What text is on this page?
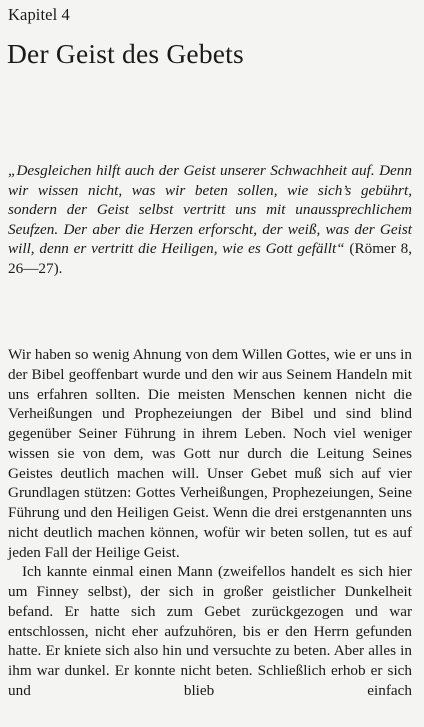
Kapitel 4
Der Geist des Gebets
„Desgleichen hilft auch der Geist unserer Schwachheit auf. Denn wir wissen nicht, was wir beten sollen, wie sich’s gebührt, sondern der Geist selbst vertritt uns mit unaussprechlichem Seufzen. Der aber die Herzen erforscht, der weiß, was der Geist will, denn er vertritt die Heiligen, wie es Gott gefällt“ (Römer 8, 26—27).

Wir haben so wenig Ahnung von dem Willen Gottes, wie er uns in der Bibel geoffenbart wurde und den wir aus Seinem Handeln mit uns erfahren sollten. Die meisten Menschen kennen nicht die Verheißungen und Prophezeiungen der Bibel und sind blind gegenüber Seiner Führung in ihrem Leben. Noch viel weniger wissen sie von dem, was Gott nur durch die Leitung Seines Geistes deutlich machen will. Unser Gebet muß sich auf vier Grundlagen stützen: Gottes Verheißungen, Prophezeiungen, Seine Führung und den Heiligen Geist. Wenn die drei erstgenannten uns nicht deutlich machen können, wofür wir beten sollen, tut es auf jeden Fall der Heilige Geist.

Ich kannte einmal einen Mann (zweifellos handelt es sich hier um Finney selbst), der sich in großer geistlicher Dunkelheit befand. Er hatte sich zum Gebet zurückgezogen und war entschlossen, nicht eher aufzuhören, bis er den Herrn gefunden hatte. Er kniete sich also hin und versuchte zu beten. Aber alles in ihm war dunkel. Er konnte nicht beten. Schließlich erhob er sich und blieb einfach
